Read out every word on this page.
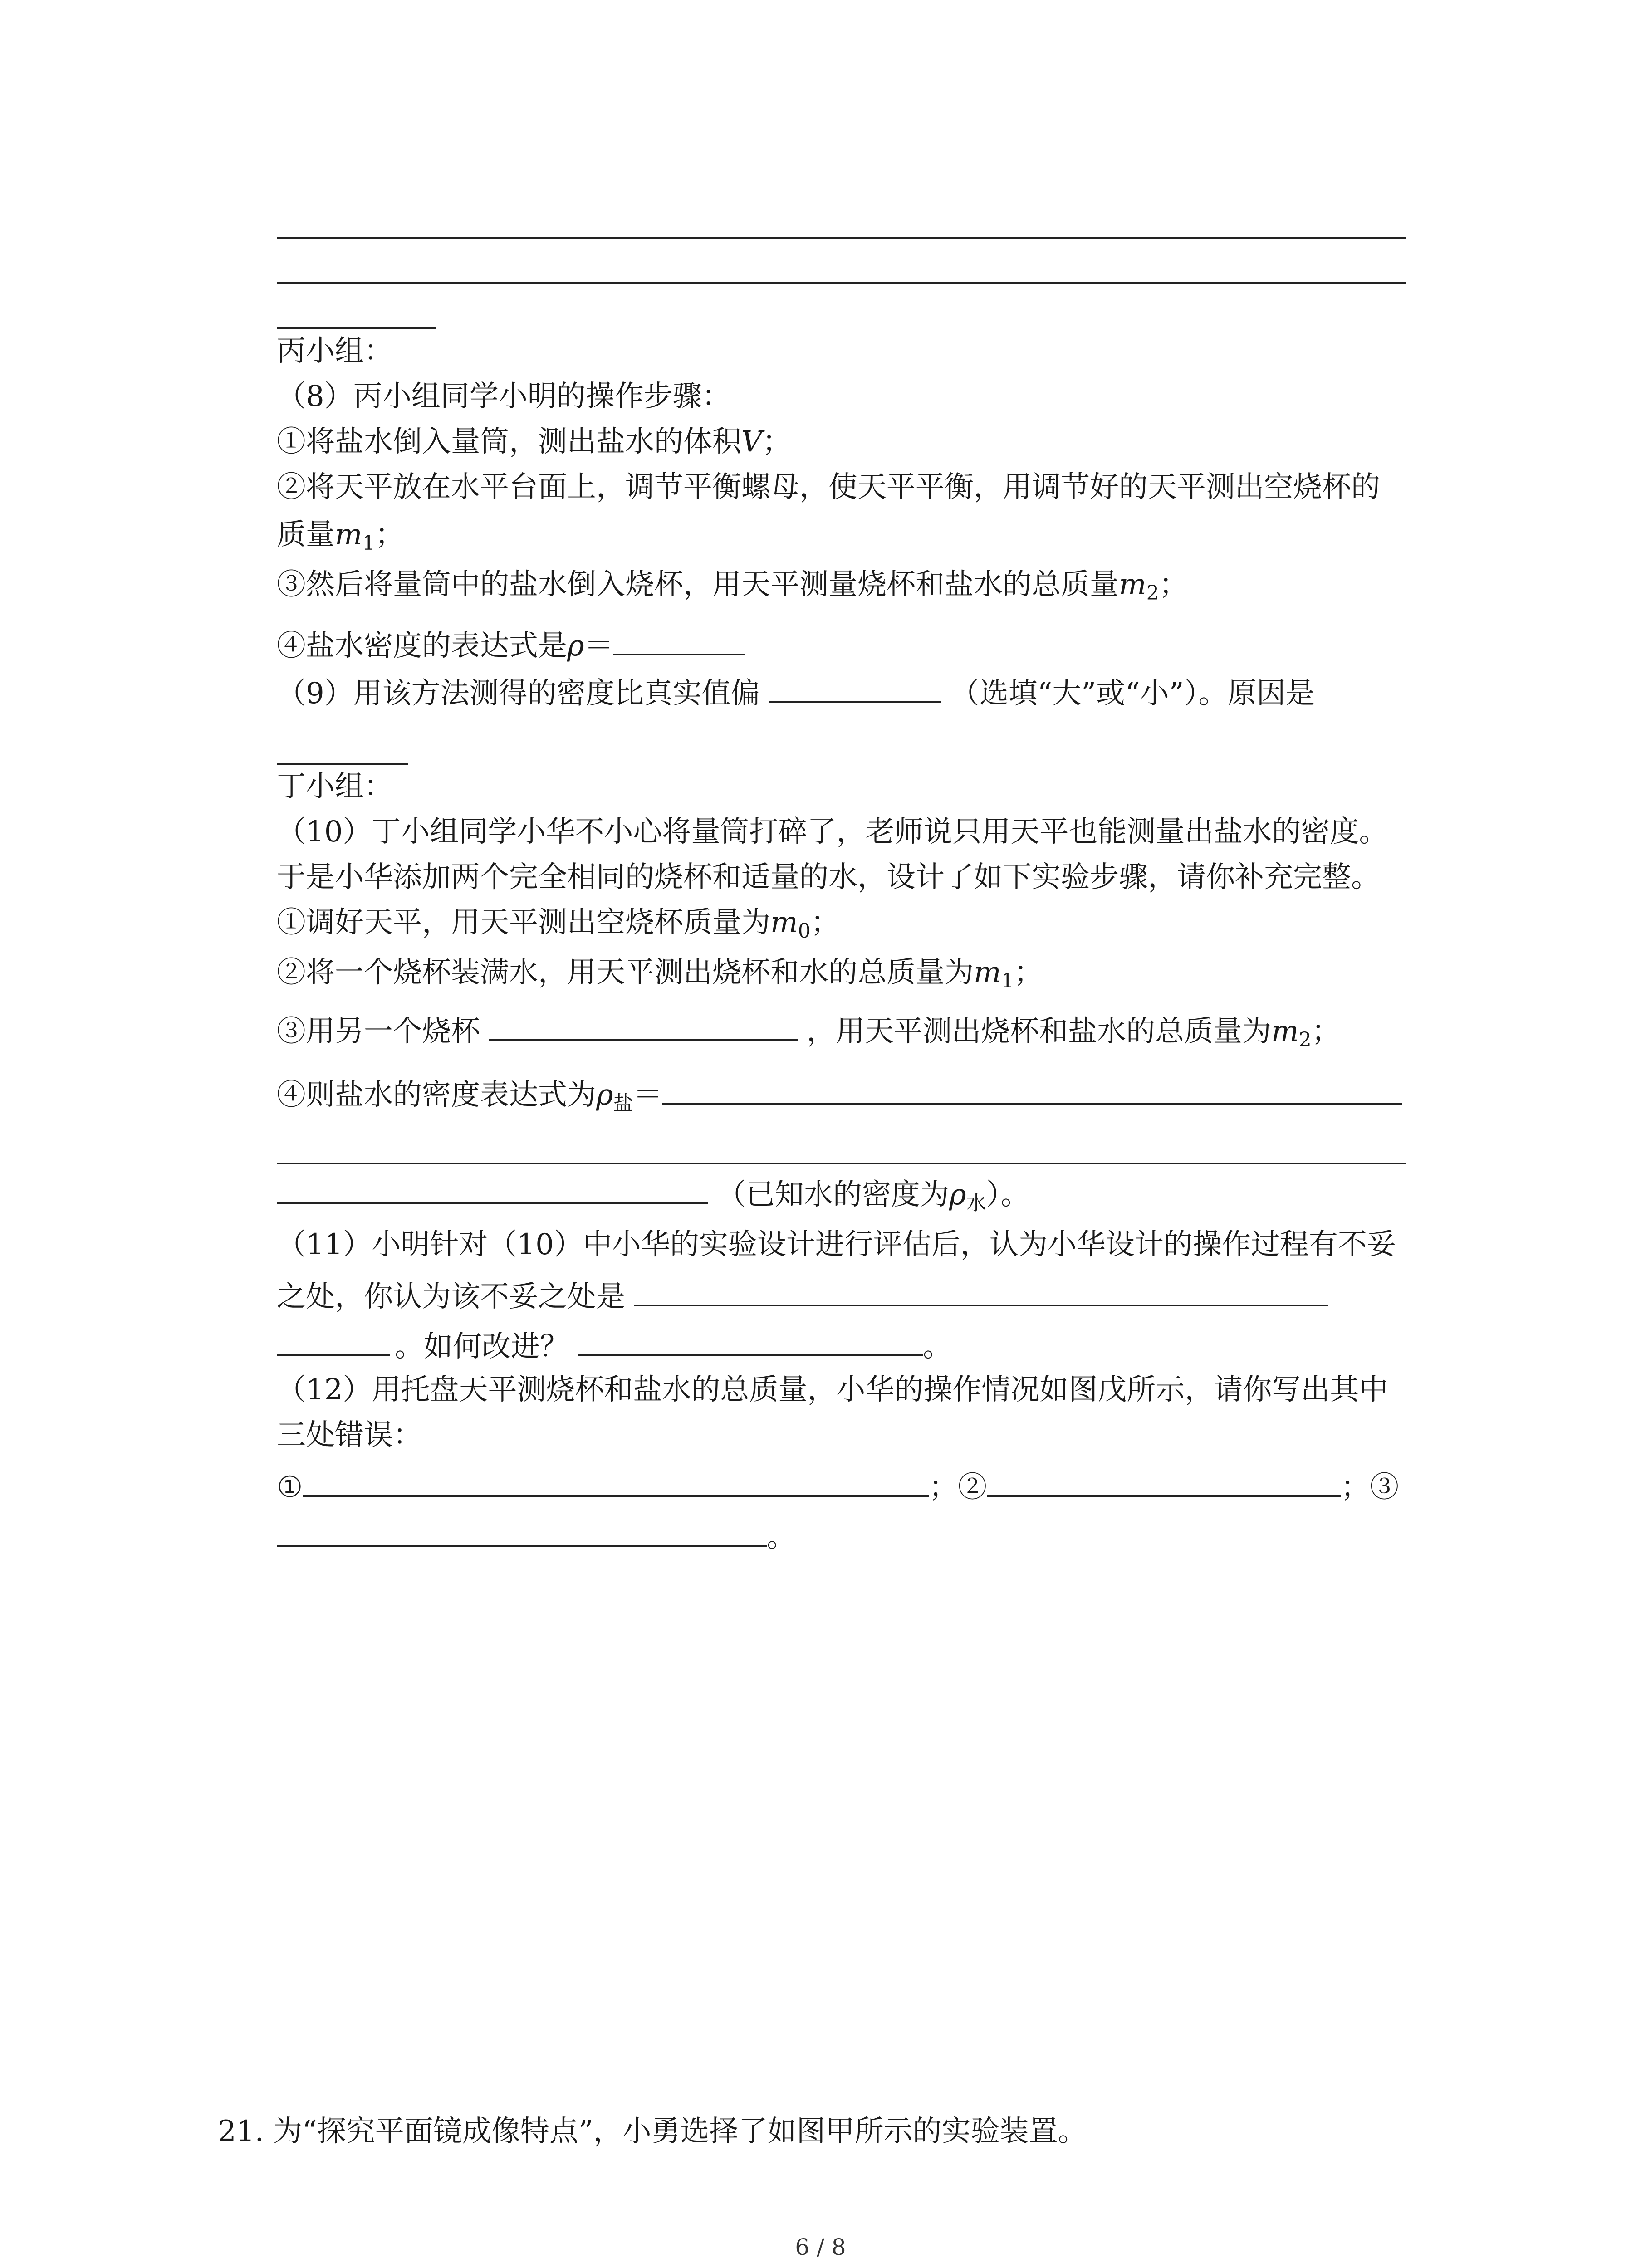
丙小组：
（8）丙小组同学小明的操作步骤：
①将盐水倒入量筒，测出盐水的体积V；
②将天平放在水平台面上，调节平衡螺母，使天平平衡，用调节好的天平测出空烧杯的
质量$m_1$；
③然后将量筒中的盐水倒入烧杯，用天平测量烧杯和盐水的总质量$m_2$；
④盐水密度的表达式是ρ＝
（9）用该方法测得的密度比真实值偏	（选填“大”或“小”）。原因是
丁小组：
（10）丁小组同学小华不小心将量筒打碎了，老师说只用天平也能测量出盐水的密度。
于是小华添加两个完全相同的烧杯和适量的水，设计了如下实验步骤，请你补充完整。
①调好天平，用天平测出空烧杯质量为$m_0$；
②将一个烧杯装满水，用天平测出烧杯和水的总质量为$m_1$；
③用另一个烧杯	，用天平测出烧杯和盐水的总质量为$m_2$；
④则盐水的密度表达式为$\rho_盐=$
（已知水的密度为$\rho_水$）。
（11）小明针对（10）中小华的实验设计进行评估后，认为小华设计的操作过程有不妥
之处，你认为该不妥之处是
。如何改进？	。
（12）用托盘天平测烧杯和盐水的总质量，小华的操作情况如图戊所示，请你写出其中
三处错误：
①	；②	；③
。
21. 为“探究平面镜成像特点”，小勇选择了如图甲所示的实验装置。
6 / 8
